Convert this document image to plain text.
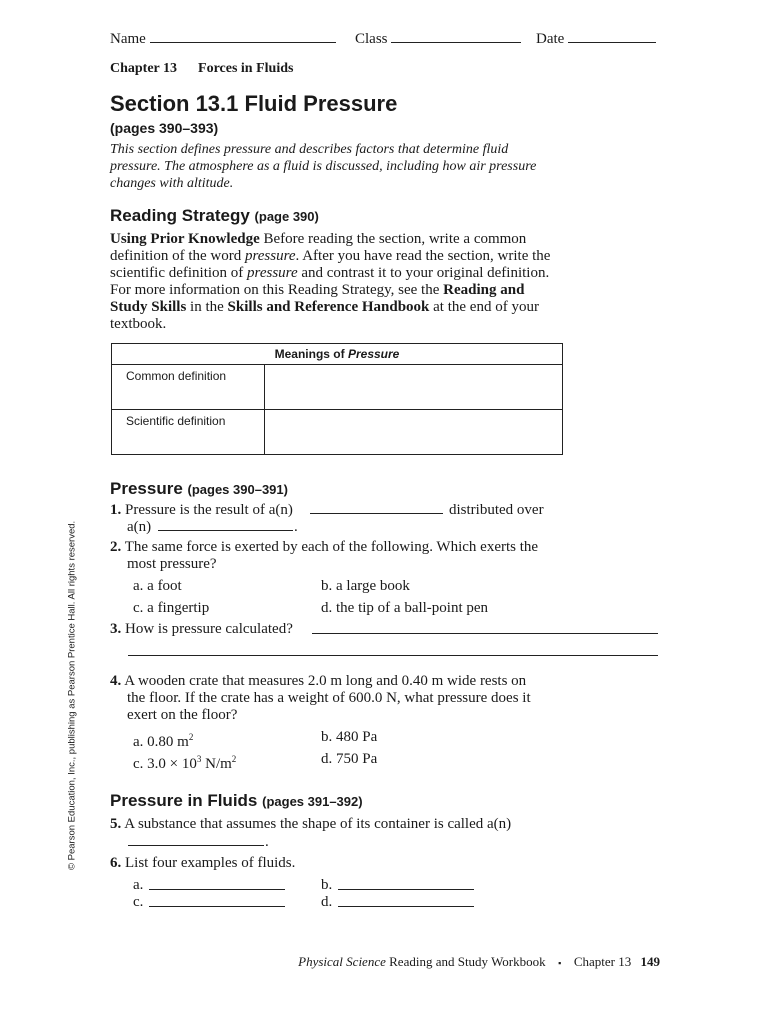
Name	Class	Date
Chapter 13 Forces in Fluids
Section 13.1 Fluid Pressure
(pages 390–393)
This section defines pressure and describes factors that determine fluid pressure. The atmosphere as a fluid is discussed, including how air pressure changes with altitude.
Reading Strategy (page 390)
Using Prior Knowledge Before reading the section, write a common definition of the word pressure. After you have read the section, write the scientific definition of pressure and contrast it to your original definition. For more information on this Reading Strategy, see the Reading and Study Skills in the Skills and Reference Handbook at the end of your textbook.
Meanings of Pressure	
Common definition	
Scientific definition	
Pressure (pages 390–391)
1. Pressure is the result of a(n)	distributed over
a(n)	.
2. The same force is exerted by each of the following. Which exerts the
most pressure?
a. a foot	b. a large book
c. a fingertip	d. the tip of a ball-point pen
3. How is pressure calculated?
4. A wooden crate that measures 2.0 m long and 0.40 m wide rests on
the floor. If the crate has a weight of 600.0 N, what pressure does it
exert on the floor?
a. 0.80 $m^2$	b. 480 Pa
c. $3.0 \times 10^3$ $N/m^2$	d. 750 Pa
Pressure in Fluids (pages 391–392)
5. A substance that assumes the shape of its container is called a(n)
.
6. List four examples of fluids.
a.	b.
c.	d.
Physical Science Reading and Study Workbook ▪ Chapter 13 149
© Pearson Education, Inc., publishing as Pearson Prentice Hall. All rights reserved.
